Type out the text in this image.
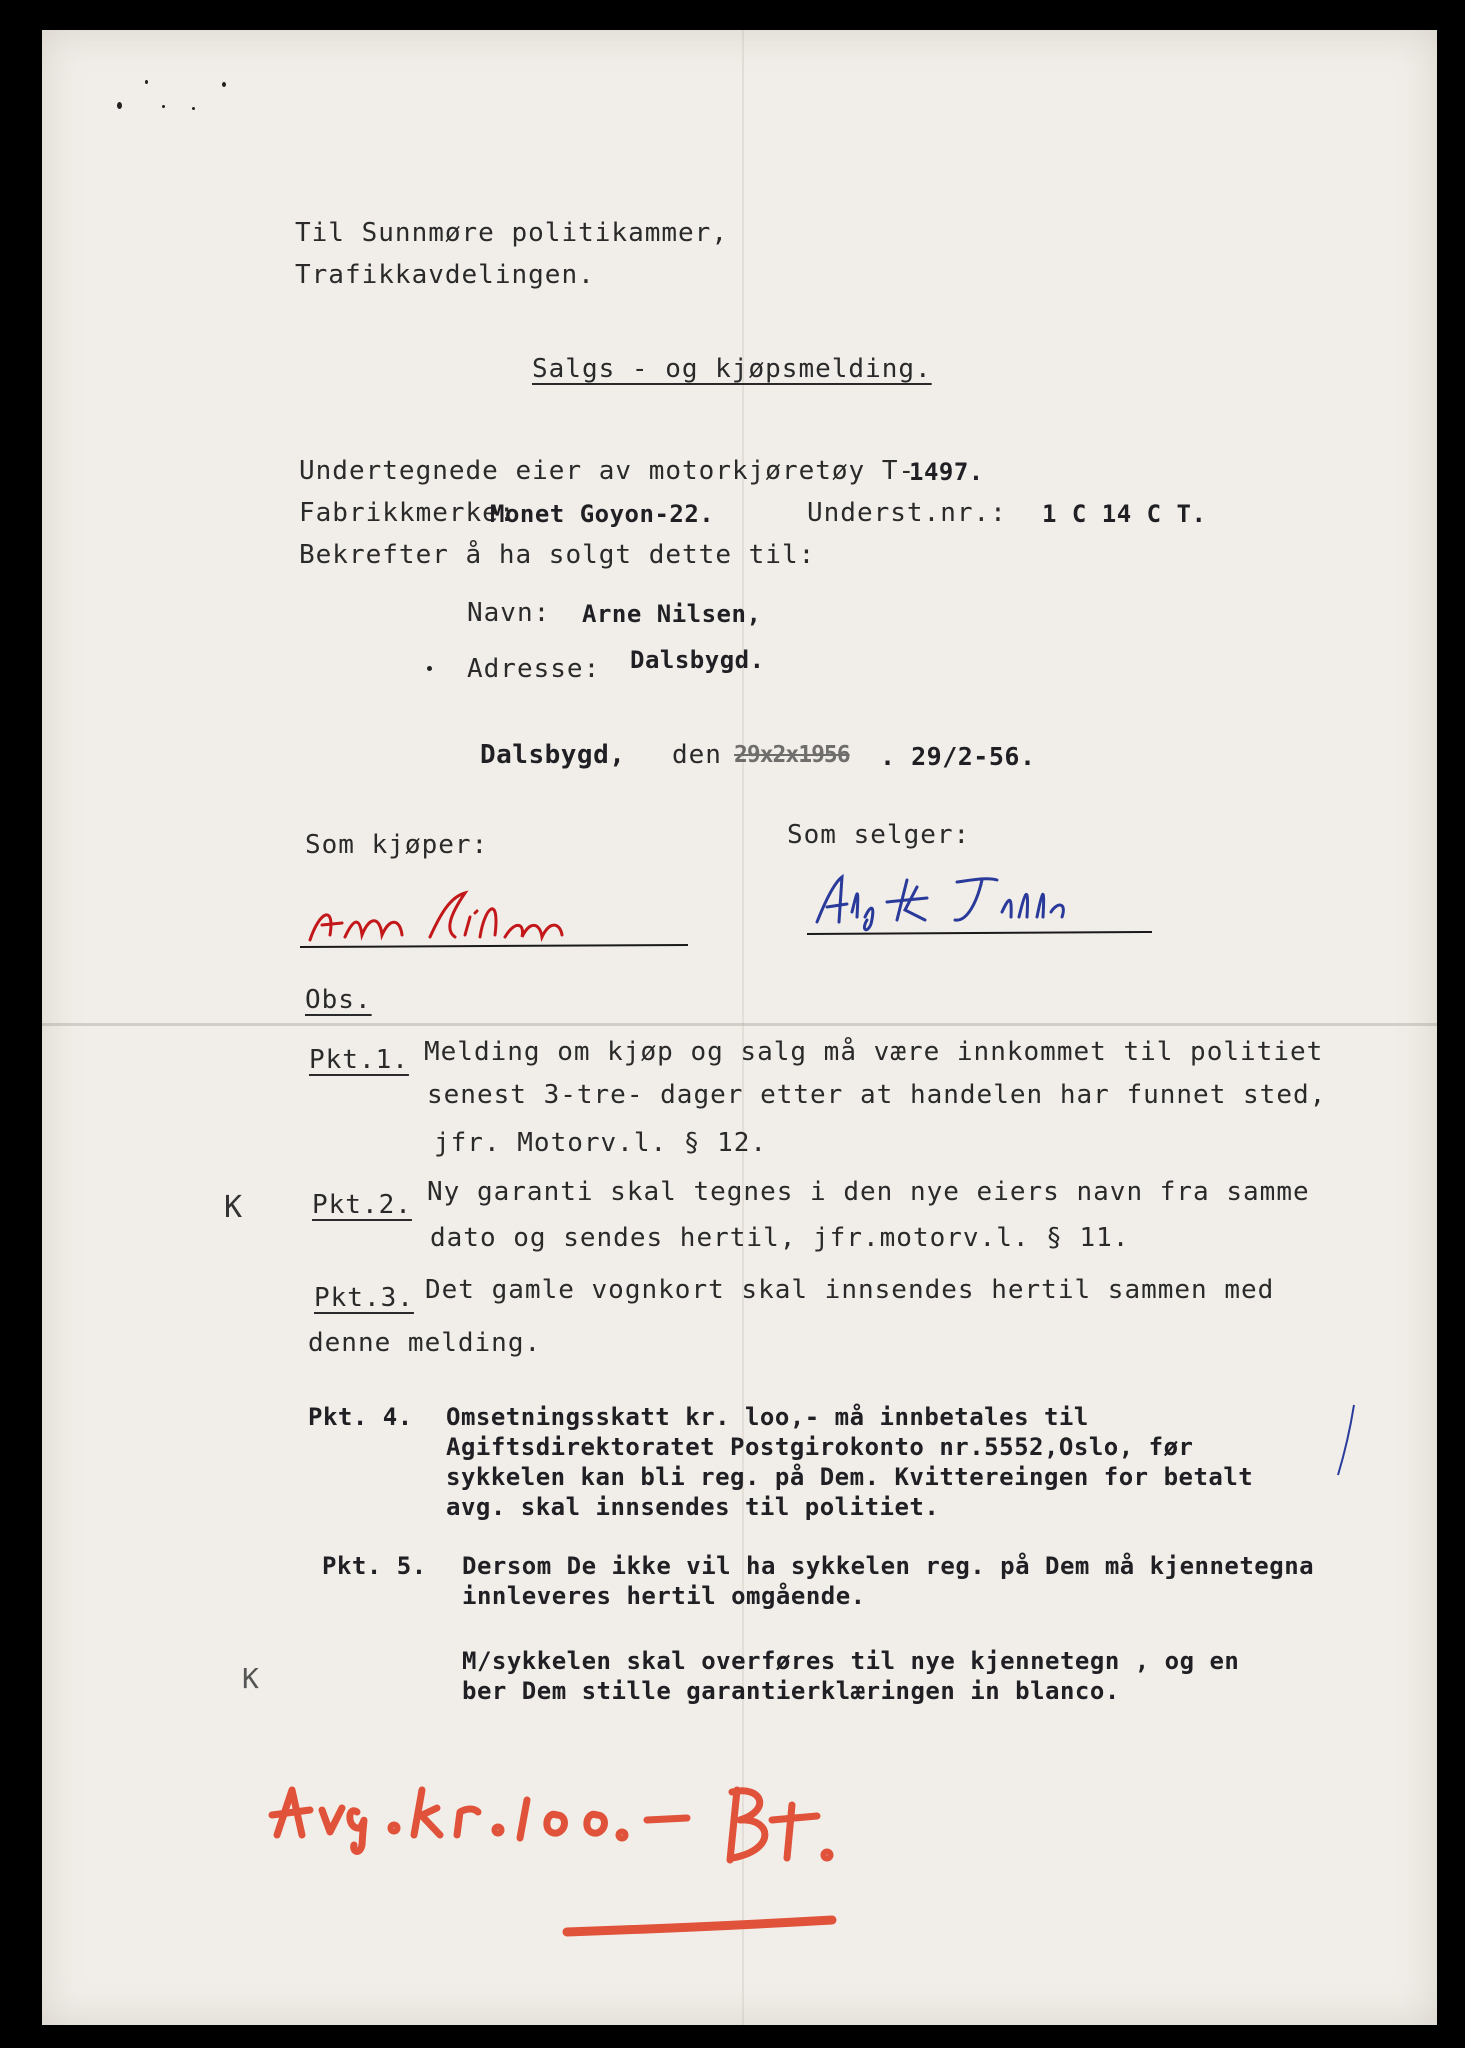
Til Sunnmøre politikammer,
Trafikkavdelingen.
Salgs - og kjøpsmelding.
Undertegnede eier av motorkjøretøy T-
1497.
Fabrikkmerke:
Monet Goyon-22.	Underst.nr.: 1 C 14 C T.
Bekrefter å ha solgt dette til:
Navn: Arne Nilsen,
Adresse: Dalsbygd.
Dalsbygd, den 29x2x1956 . 29/2-56.
Som kjøper:	Som selger:
Obs.
Pkt.1. Melding om kjøp og salg må være innkommet til politiet
senest 3-tre- dager etter at handelen har funnet sted,
jfr. Motorv.l. § 12.
K	Pkt.2. Ny garanti skal tegnes i den nye eiers navn fra samme
dato og sendes hertil, jfr.motorv.l. § 11.
Pkt.3. Det gamle vognkort skal innsendes hertil sammen med
denne melding.
Pkt. 4. Omsetningsskatt kr. loo,- må innbetales til
Agiftsdirektoratet Postgirokonto nr.5552,Oslo, før
sykkelen kan bli reg. på Dem. Kvittereingen for betalt
avg. skal innsendes til politiet.
Pkt. 5. Dersom De ikke vil ha sykkelen reg. på Dem må kjennetegna
innleveres hertil omgående.
K
M/sykkelen skal overføres til nye kjennetegn , og en
ber Dem stille garantierklæringen in blanco.
